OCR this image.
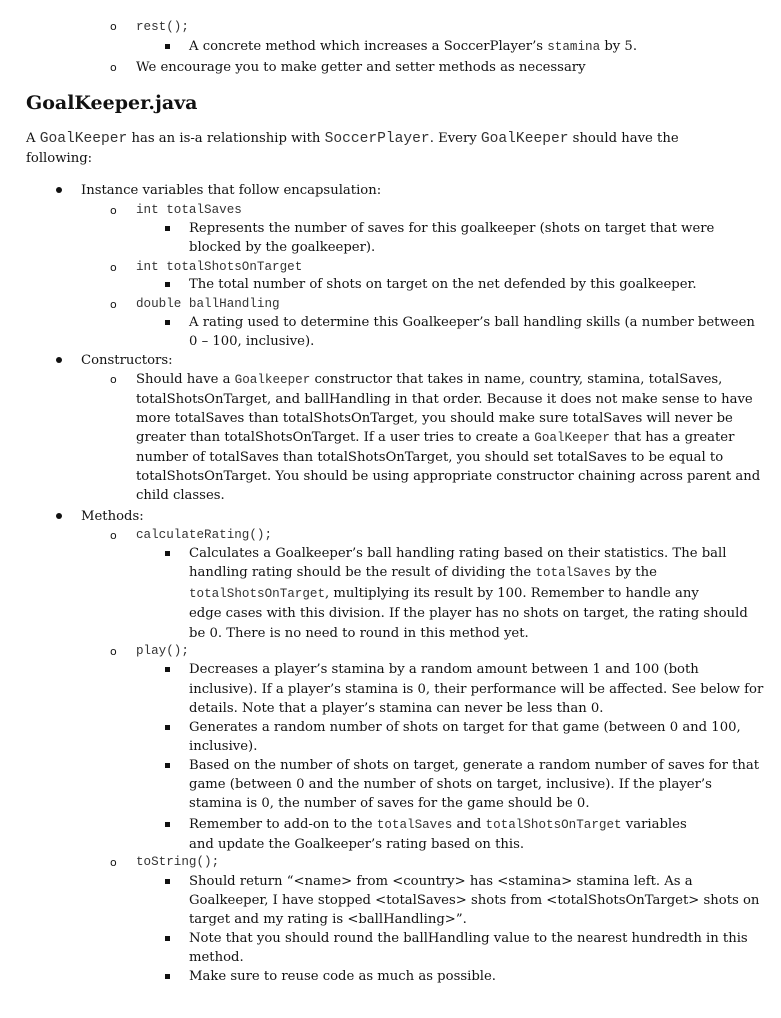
o rest();
A concrete method which increases a SoccerPlayer’s stamina by 5.
o We encourage you to make getter and setter methods as necessary
GoalKeeper.java
A GoalKeeper has an is-a relationship with SoccerPlayer. Every GoalKeeper should have the
following:
Instance variables that follow encapsulation:
o int totalSaves
Represents the number of saves for this goalkeeper (shots on target that were
blocked by the goalkeeper).
o int totalShotsOnTarget
The total number of shots on target on the net defended by this goalkeeper.
o double ballHandling
A rating used to determine this Goalkeeper’s ball handling skills (a number between
0 – 100, inclusive).
Constructors:
o Should have a Goalkeeper constructor that takes in name, country, stamina, totalSaves,
totalShotsOnTarget, and ballHandling in that order. Because it does not make sense to have
more totalSaves than totalShotsOnTarget, you should make sure totalSaves will never be
greater than totalShotsOnTarget. If a user tries to create a GoalKeeper that has a greater
number of totalSaves than totalShotsOnTarget, you should set totalSaves to be equal to
totalShotsOnTarget. You should be using appropriate constructor chaining across parent and
child classes.
Methods:
o calculateRating();
Calculates a Goalkeeper’s ball handling rating based on their statistics. The ball
handling rating should be the result of dividing the totalSaves by the
totalShotsOnTarget, multiplying its result by 100. Remember to handle any
edge cases with this division. If the player has no shots on target, the rating should
be 0. There is no need to round in this method yet.
o play();
Decreases a player’s stamina by a random amount between 1 and 100 (both
inclusive). If a player’s stamina is 0, their performance will be affected. See below for
details. Note that a player’s stamina can never be less than 0.
Generates a random number of shots on target for that game (between 0 and 100,
inclusive).
Based on the number of shots on target, generate a random number of saves for that
game (between 0 and the number of shots on target, inclusive). If the player’s
stamina is 0, the number of saves for the game should be 0.
Remember to add-on to the totalSaves and totalShotsOnTarget variables
and update the Goalkeeper’s rating based on this.
o toString();
Should return “<name> from <country> has <stamina> stamina left. As a
Goalkeeper, I have stopped <totalSaves> shots from <totalShotsOnTarget> shots on
target and my rating is <ballHandling>”.
Note that you should round the ballHandling value to the nearest hundredth in this
method.
Make sure to reuse code as much as possible.
